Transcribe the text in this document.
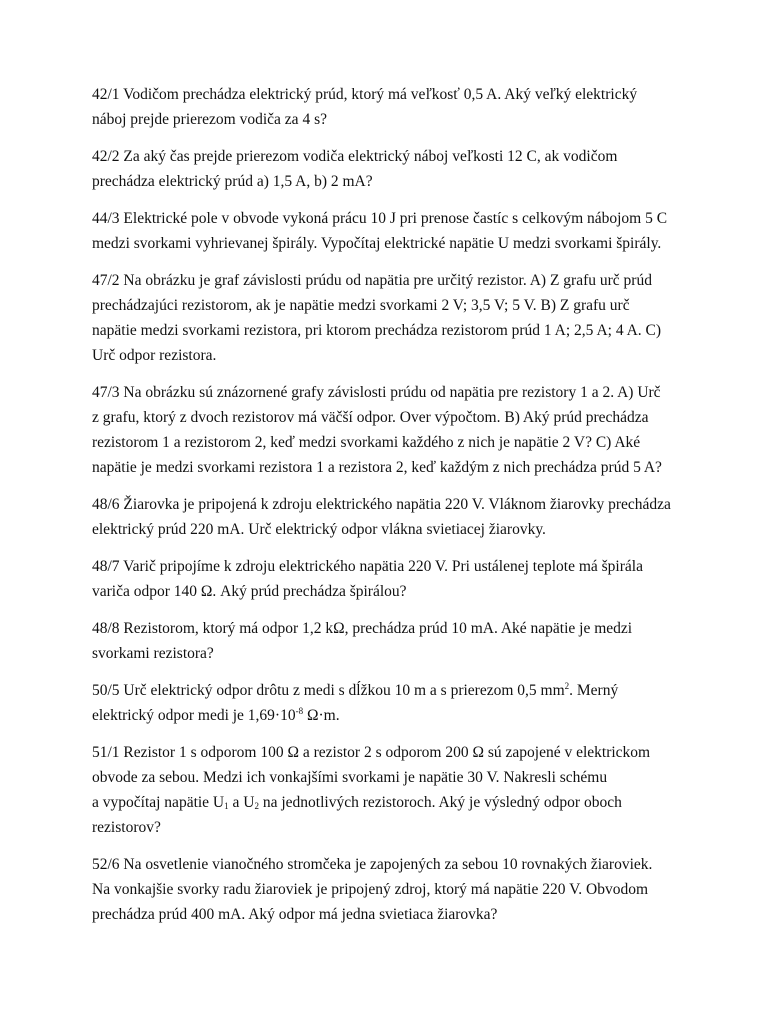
42/1 Vodičom prechádza elektrický prúd, ktorý má veľkosť 0,5 A. Aký veľký elektrický
náboj prejde prierezom vodiča za 4 s?
42/2 Za aký čas prejde prierezom vodiča elektrický náboj veľkosti 12 C, ak vodičom
prechádza elektrický prúd a) 1,5 A, b) 2 mA?
44/3 Elektrické pole v obvode vykoná prácu 10 J pri prenose častíc s celkovým nábojom 5 C
medzi svorkami vyhrievanej špirály. Vypočítaj elektrické napätie U medzi svorkami špirály.
47/2 Na obrázku je graf závislosti prúdu od napätia pre určitý rezistor. A) Z grafu urč prúd
prechádzajúci rezistorom, ak je napätie medzi svorkami 2 V; 3,5 V; 5 V. B) Z grafu urč
napätie medzi svorkami rezistora, pri ktorom prechádza rezistorom prúd 1 A; 2,5 A; 4 A. C)
Urč odpor rezistora.
47/3 Na obrázku sú znázornené grafy závislosti prúdu od napätia pre rezistory 1 a 2. A) Urč
z grafu, ktorý z dvoch rezistorov má väčší odpor. Over výpočtom. B) Aký prúd prechádza
rezistorom 1 a rezistorom 2, keď medzi svorkami každého z nich je napätie 2 V? C) Aké
napätie je medzi svorkami rezistora 1 a rezistora 2, keď každým z nich prechádza prúd 5 A?
48/6 Žiarovka je pripojená k zdroju elektrického napätia 220 V. Vláknom žiarovky prechádza
elektrický prúd 220 mA. Urč elektrický odpor vlákna svietiacej žiarovky.
48/7 Varič pripojíme k zdroju elektrického napätia 220 V. Pri ustálenej teplote má špirála
variča odpor 140 Ω. Aký prúd prechádza špirálou?
48/8 Rezistorom, ktorý má odpor 1,2 kΩ, prechádza prúd 10 mA. Aké napätie je medzi
svorkami rezistora?
50/5 Urč elektrický odpor drôtu z medi s dĺžkou 10 m a s prierezom 0,5 $mm^2$. Merný
elektrický odpor medi je $1,69\cdot 10^{-8}$ Ω·m.
51/1 Rezistor 1 s odporom 100 Ω a rezistor 2 s odporom 200 Ω sú zapojené v elektrickom
obvode za sebou. Medzi ich vonkajšími svorkami je napätie 30 V. Nakresli schému
a vypočítaj napätie $U_1$ a $U_2$ na jednotlivých rezistoroch. Aký je výsledný odpor oboch
rezistorov?
52/6 Na osvetlenie vianočného stromčeka je zapojených za sebou 10 rovnakých žiaroviek.
Na vonkajšie svorky radu žiaroviek je pripojený zdroj, ktorý má napätie 220 V. Obvodom
prechádza prúd 400 mA. Aký odpor má jedna svietiaca žiarovka?
